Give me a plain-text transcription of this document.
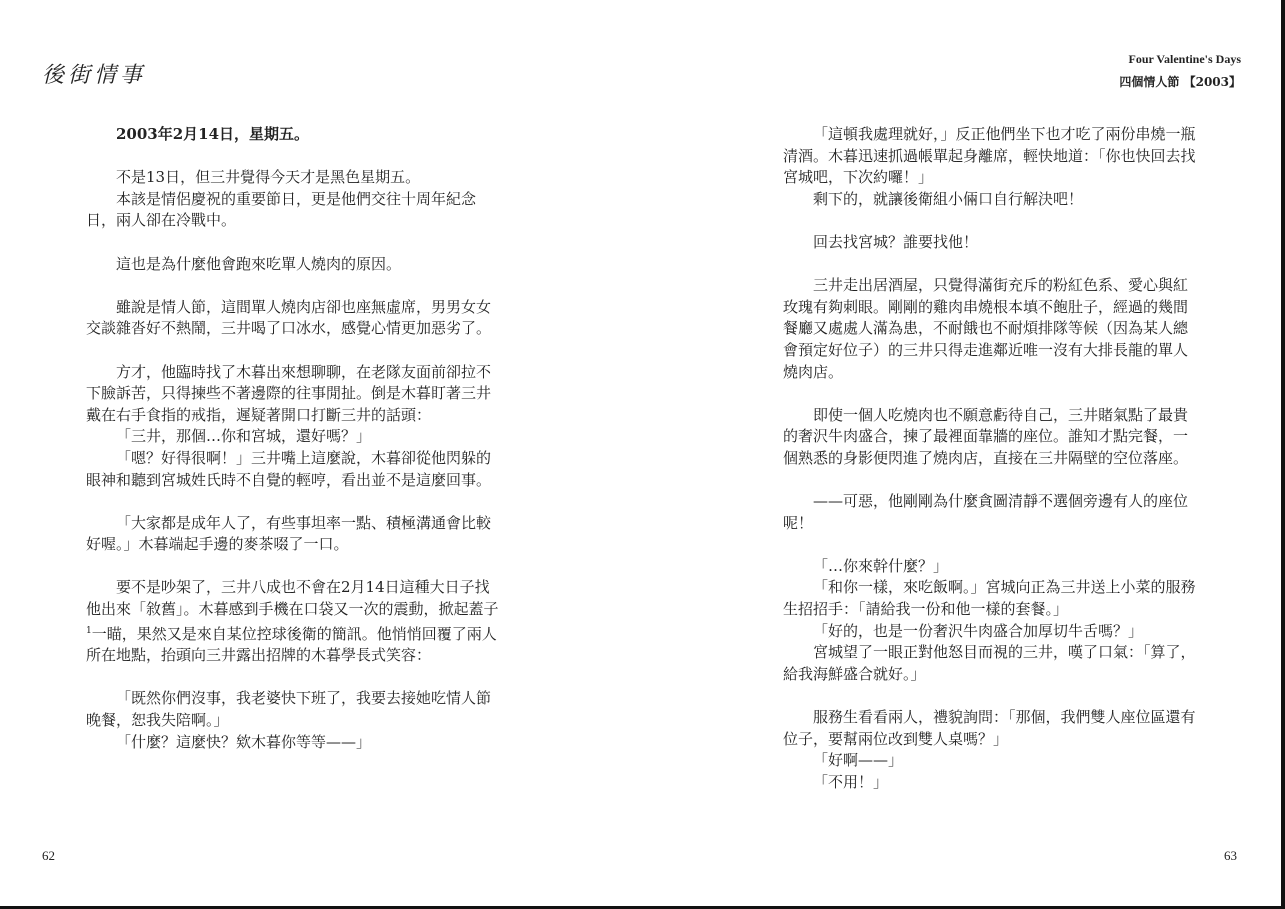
後街情事
Four Valentine's Days
四個情人節 【2003】

2003年2月14日，星期五。

不是13日，但三井覺得今天才是黑色星期五。

本該是情侶慶祝的重要節日，更是他們交往十周年紀念日，兩人卻在冷戰中。

這也是為什麼他會跑來吃單人燒肉的原因。

雖說是情人節，這間單人燒肉店卻也座無虛席，男男女女交談雜沓好不熱鬧，三井喝了口冰水，感覺心情更加惡劣了。

方才，他臨時找了木暮出來想聊聊，在老隊友面前卻拉不下臉訴苦，只得揀些不著邊際的往事閒扯。倒是木暮盯著三井戴在右手食指的戒指，遲疑著開口打斷三井的話頭：

「三井，那個…你和宮城，還好嗎？」

「嗯？好得很啊！」三井嘴上這麼說，木暮卻從他閃躲的眼神和聽到宮城姓氏時不自覺的輕哼，看出並不是這麼回事。

「大家都是成年人了，有些事坦率一點、積極溝通會比較好喔。」木暮端起手邊的麥茶啜了一口。

要不是吵架了，三井八成也不會在2月14日這種大日子找他出來「敘舊」。木暮感到手機在口袋又一次的震動，掀起蓋子$^1$一瞄，果然又是來自某位控球後衛的簡訊。他悄悄回覆了兩人所在地點，抬頭向三井露出招牌的木暮學長式笑容：

「既然你們沒事，我老婆快下班了，我要去接她吃情人節晚餐，恕我失陪啊。」

「什麼？這麼快？欸木暮你等等——」

「這頓我處理就好，」反正他們坐下也才吃了兩份串燒一瓶清酒。木暮迅速抓過帳單起身離席，輕快地道：「你也快回去找宮城吧，下次約囉！」

剩下的，就讓後衛組小倆口自行解決吧！

回去找宮城？誰要找他！

三井走出居酒屋，只覺得滿街充斥的粉紅色系、愛心與紅玫瑰有夠刺眼。剛剛的雞肉串燒根本填不飽肚子，經過的幾間餐廳又處處人滿為患，不耐餓也不耐煩排隊等候（因為某人總會預定好位子）的三井只得走進鄰近唯一沒有大排長龍的單人燒肉店。

即使一個人吃燒肉也不願意虧待自己，三井賭氣點了最貴的奢沢牛肉盛合，揀了最裡面靠牆的座位。誰知才點完餐，一個熟悉的身影便閃進了燒肉店，直接在三井隔壁的空位落座。

——可惡，他剛剛為什麼貪圖清靜不選個旁邊有人的座位呢！

「…你來幹什麼？」

「和你一樣，來吃飯啊。」宮城向正為三井送上小菜的服務生招招手：「請給我一份和他一樣的套餐。」

「好的，也是一份奢沢牛肉盛合加厚切牛舌嗎？」

宮城望了一眼正對他怒目而視的三井，嘆了口氣：「算了，給我海鮮盛合就好。」

服務生看看兩人，禮貌詢問：「那個，我們雙人座位區還有位子，要幫兩位改到雙人桌嗎？」

「好啊——」

「不用！」

62	63
